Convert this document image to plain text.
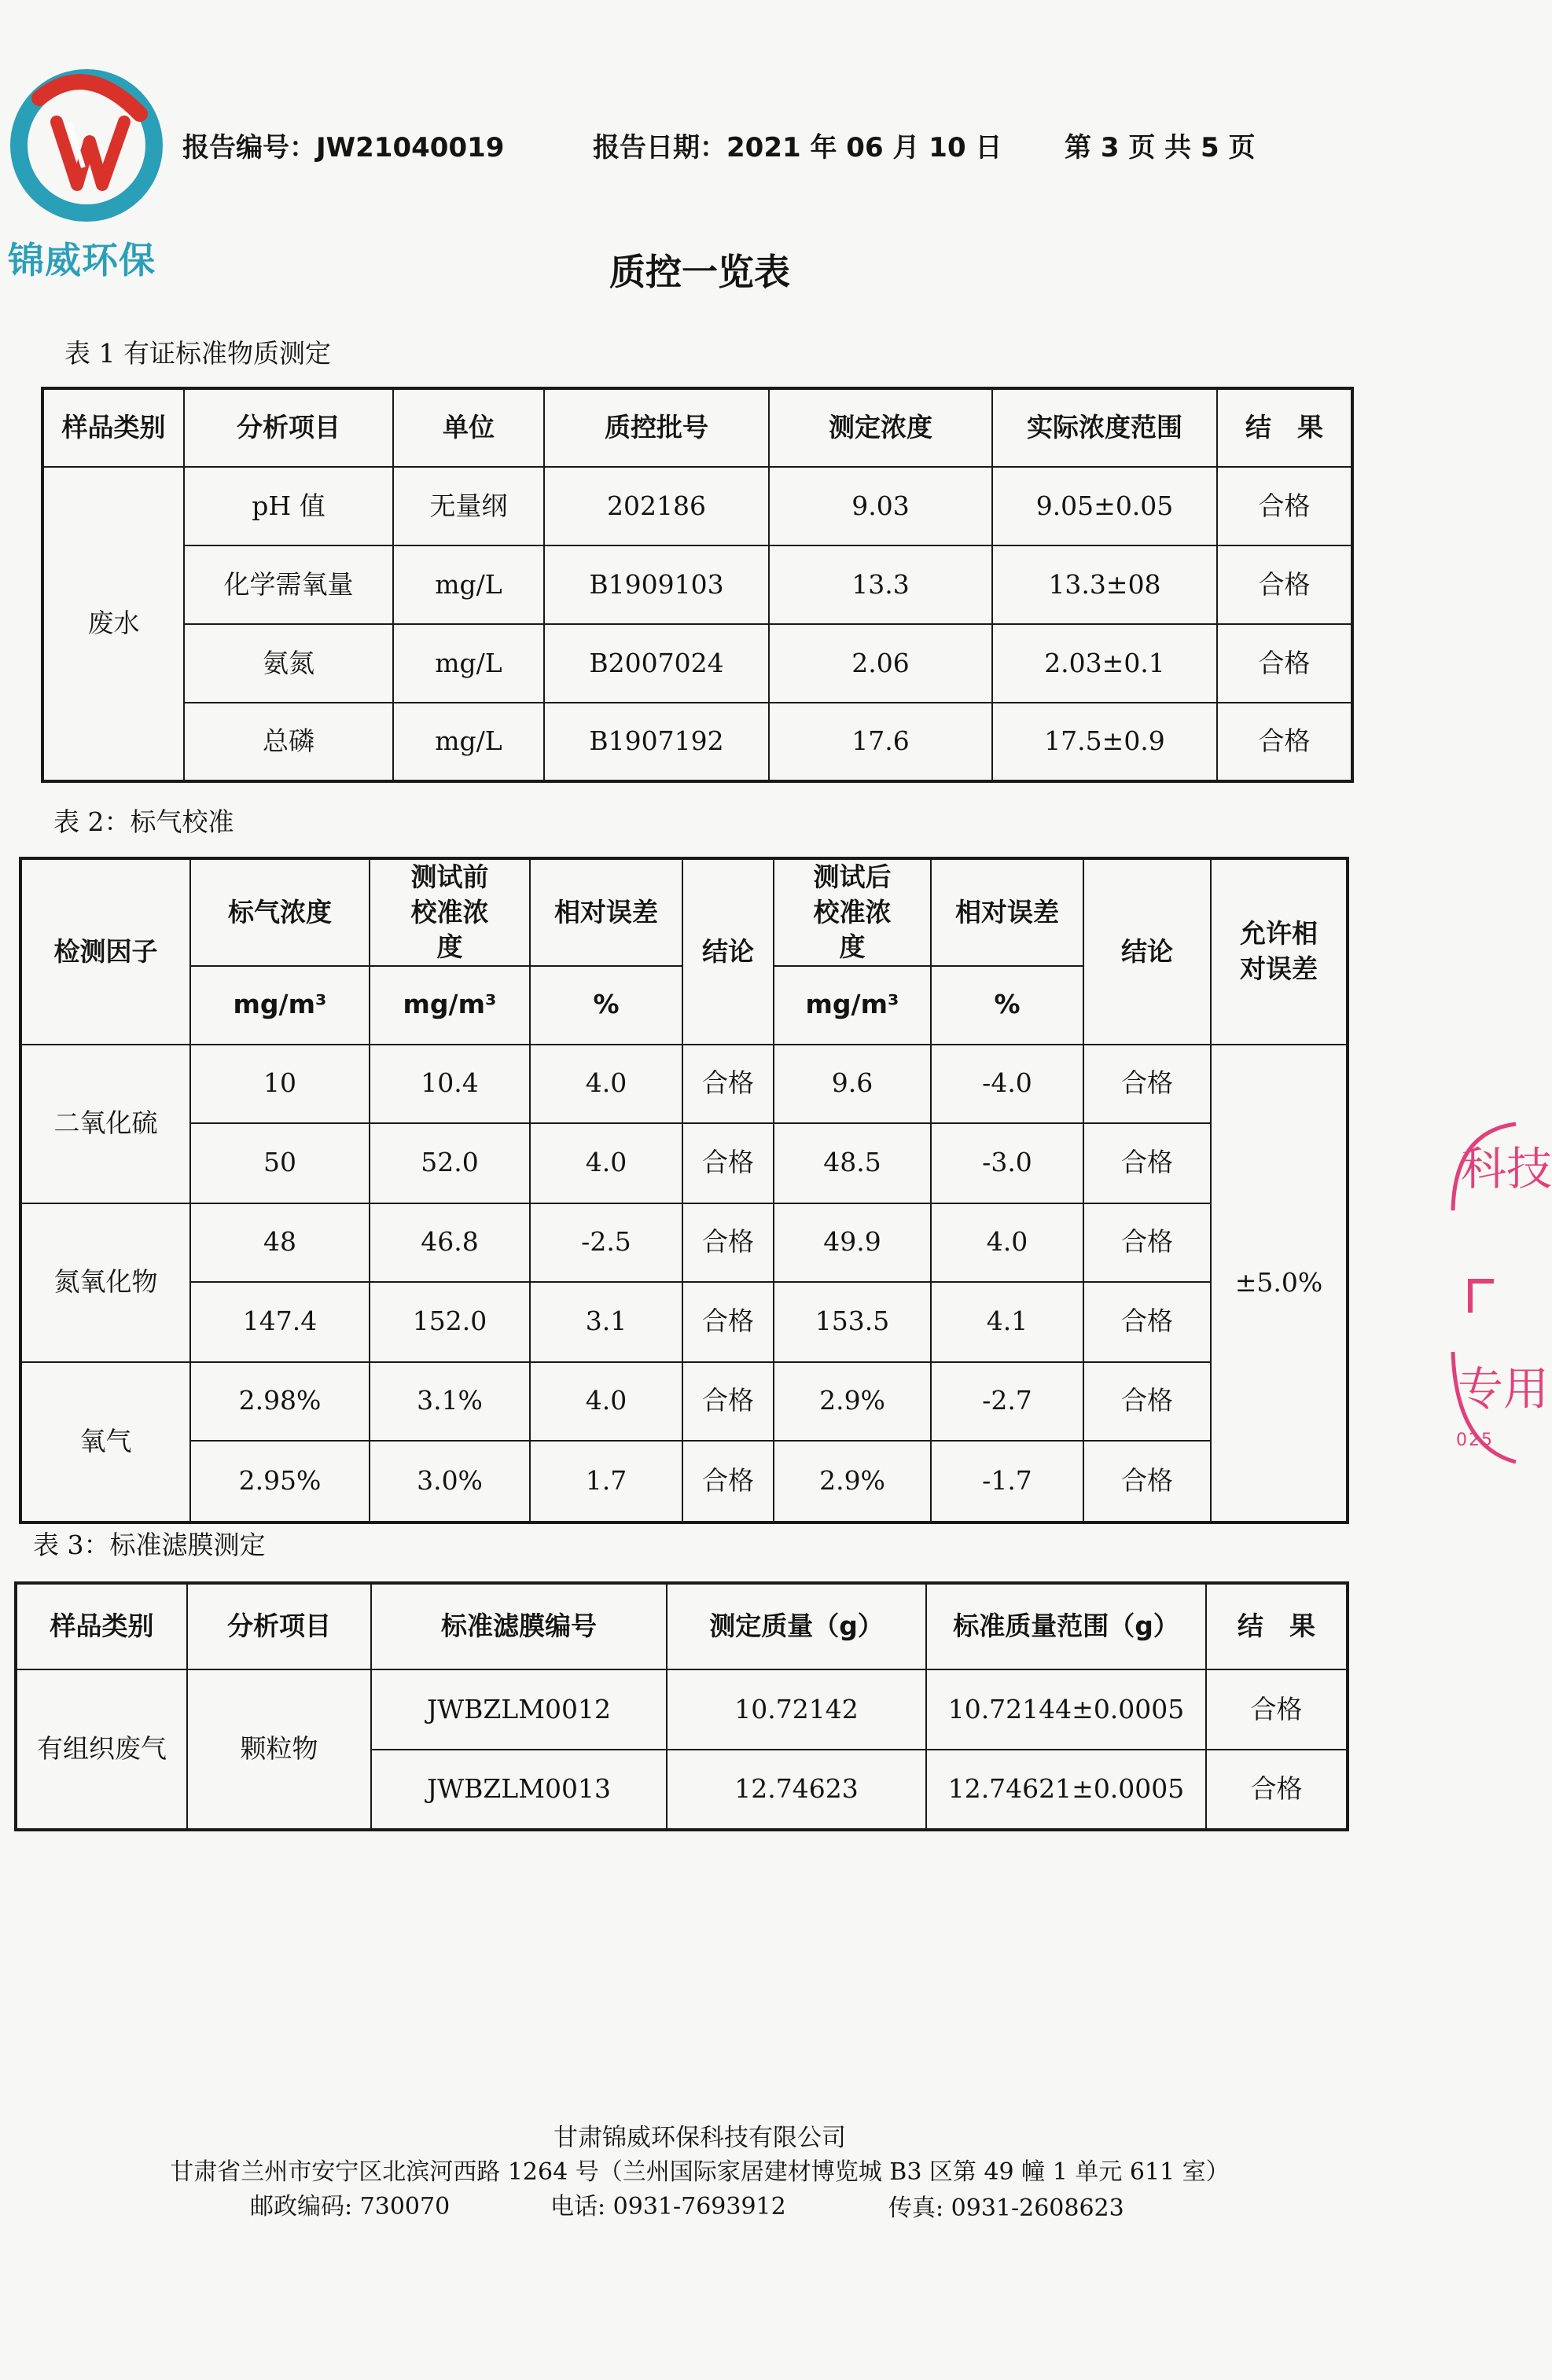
锦威环保
报告编号：JW21040019	报告日期：2021 年 06 月 10 日 第 3 页 共 5 页
质控一览表
表 1 有证标准物质测定
样品类别	分析项目	单位	质控批号	测定浓度	实际浓度范围	结　果
废水	pH 值	无量纲	202186	9.03	9.05±0.05	合格
	化学需氧量	mg/L	B1909103	13.3	13.3±08	合格
	氨氮	mg/L	B2007024	2.06	2.03±0.1	合格
	总磷	mg/L	B1907192	17.6	17.5±0.9	合格
表 2：标气校准
检测因子	标气浓度	测试前校准浓度	相对误差	结论	测试后校准浓度	相对误差	结论	允许相对误差

	mg/m³	mg/m³	%		mg/m³	%		
二氧化硫	10	10.4	4.0	合格	9.6	-4.0	合格	±5.0%
	50	52.0	4.0	合格	48.5	-3.0	合格	
氮氧化物	48	46.8	-2.5	合格	49.9	4.0	合格	
	147.4	152.0	3.1	合格	153.5	4.1	合格	
氧气	2.98%	3.1%	4.0	合格	2.9%	-2.7	合格	
	2.95%	3.0%	1.7	合格	2.9%	-1.7	合格	
表 3：标准滤膜测定
样品类别	分析项目	标准滤膜编号	测定质量（g）	标准质量范围（g）	结　果
有组织废气	颗粒物	JWBZLM0012	10.72142	10.72144±0.0005	合格
		JWBZLM0013	12.74623	12.74621±0.0005	合格
甘肃锦威环保科技有限公司
甘肃省兰州市安宁区北滨河西路 1264 号（兰州国际家居建材博览城 B3 区第 49 幢 1 单元 611 室）
邮政编码: 730070	电话: 0931-7693912	传真: 0931-2608623
科技
专用
025
